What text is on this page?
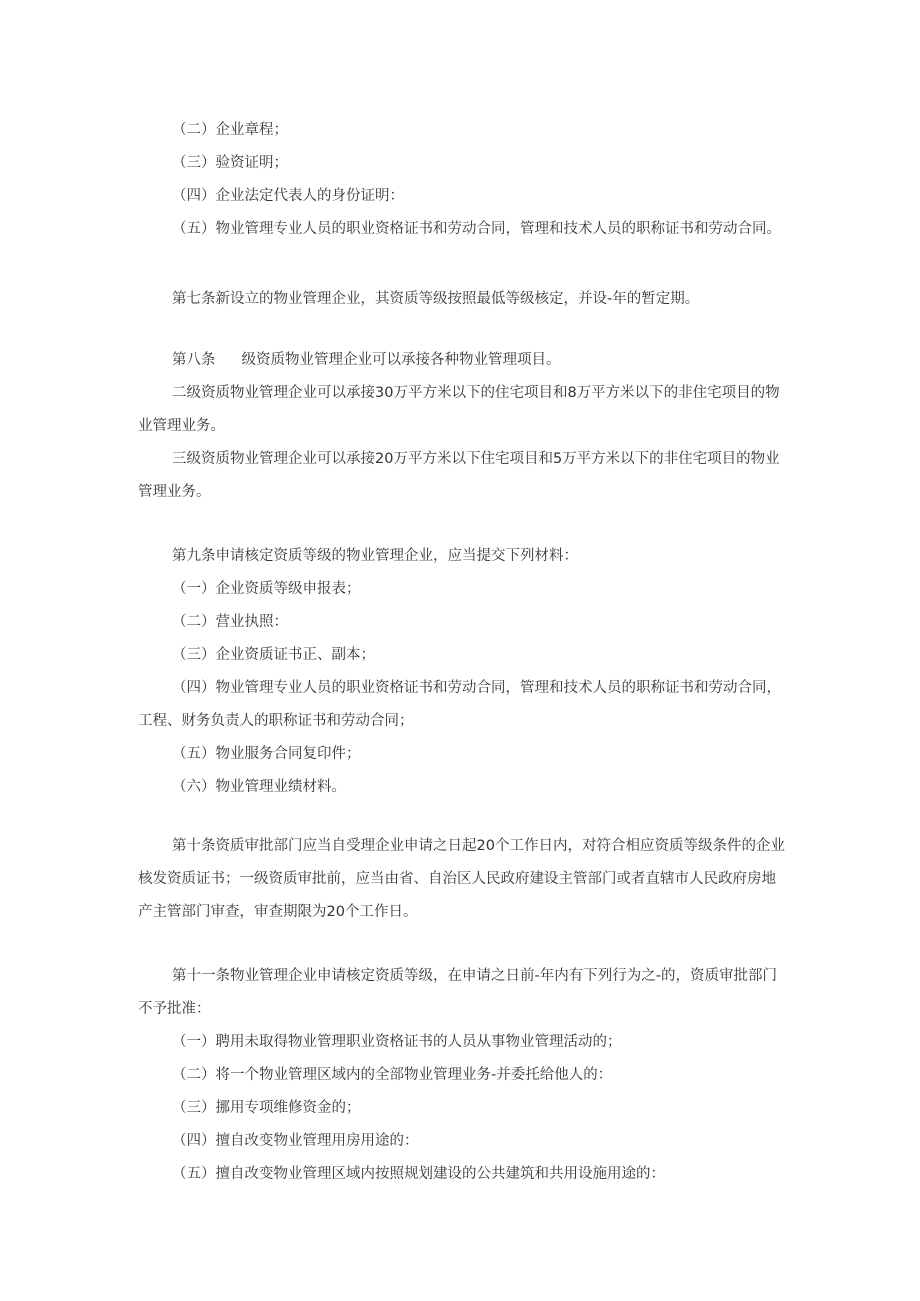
（二）企业章程；

（三）验资证明；

（四）企业法定代表人的身份证明：

（五）物业管理专业人员的职业资格证书和劳动合同，管理和技术人员的职称证书和劳动合同。

第七条新设立的物业管理企业，其资质等级按照最低等级核定，并设-年的暂定期。

第八条 级资质物业管理企业可以承接各种物业管理项目。

二级资质物业管理企业可以承接30万平方米以下的住宅项目和8万平方米以下的非住宅项目的物业管理业务。

三级资质物业管理企业可以承接20万平方米以下住宅项目和5万平方米以下的非住宅项目的物业管理业务。

第九条申请核定资质等级的物业管理企业，应当提交下列材料：

（一）企业资质等级申报表；

（二）营业执照：

（三）企业资质证书正、副本；

（四）物业管理专业人员的职业资格证书和劳动合同，管理和技术人员的职称证书和劳动合同，工程、财务负责人的职称证书和劳动合同；

（五）物业服务合同复印件；

（六）物业管理业绩材料。

第十条资质审批部门应当自受理企业申请之日起20个工作日内，对符合相应资质等级条件的企业核发资质证书；一级资质审批前，应当由省、自治区人民政府建设主管部门或者直辖市人民政府房地产主管部门审查，审查期限为20个工作日。

第十一条物业管理企业申请核定资质等级，在申请之日前-年内有下列行为之-的，资质审批部门不予批准：

（一）聘用未取得物业管理职业资格证书的人员从事物业管理活动的；

（二）将一个物业管理区域内的全部物业管理业务-并委托给他人的：

（三）挪用专项维修资金的；

（四）擅自改变物业管理用房用途的：

（五）擅自改变物业管理区域内按照规划建设的公共建筑和共用设施用途的：
